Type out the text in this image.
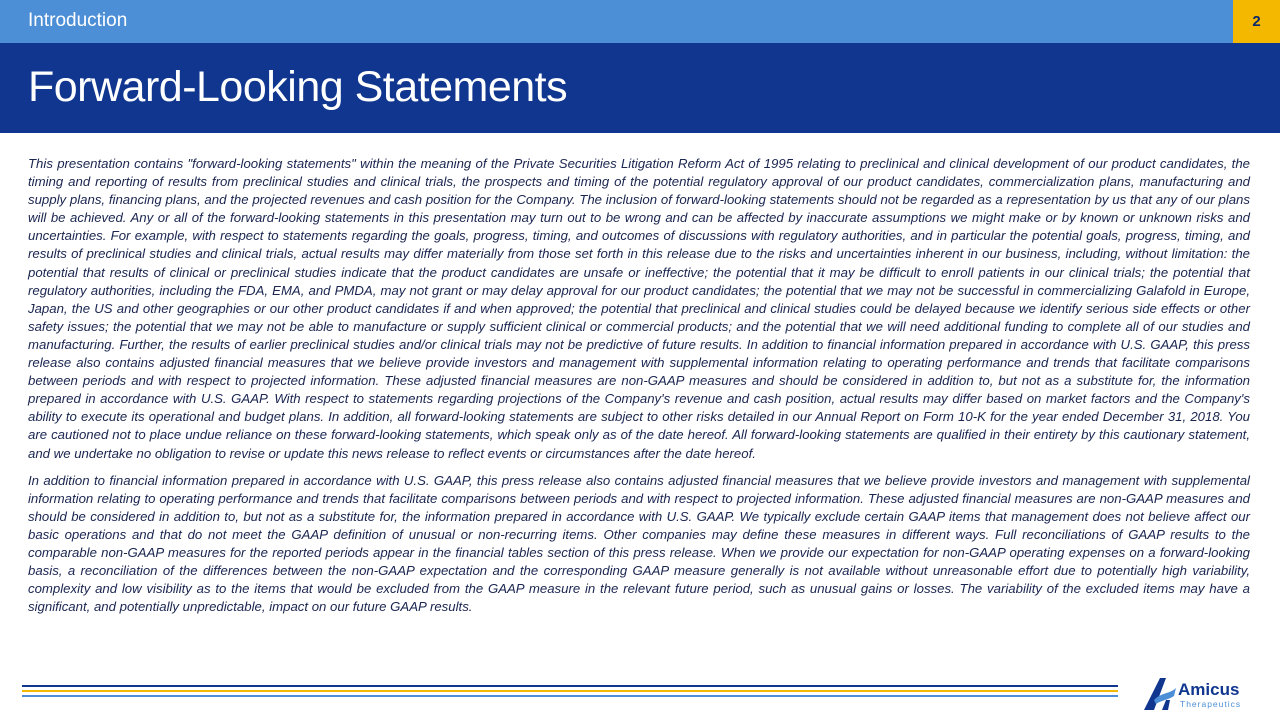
Introduction	2
Forward-Looking Statements

This presentation contains "forward-looking statements" within the meaning of the Private Securities Litigation Reform Act of 1995 relating to preclinical and clinical development of our product candidates, the timing and reporting of results from preclinical studies and clinical trials, the prospects and timing of the potential regulatory approval of our product candidates, commercialization plans, manufacturing and supply plans, financing plans, and the projected revenues and cash position for the Company. The inclusion of forward-looking statements should not be regarded as a representation by us that any of our plans will be achieved. Any or all of the forward-looking statements in this presentation may turn out to be wrong and can be affected by inaccurate assumptions we might make or by known or unknown risks and uncertainties. For example, with respect to statements regarding the goals, progress, timing, and outcomes of discussions with regulatory authorities, and in particular the potential goals, progress, timing, and results of preclinical studies and clinical trials, actual results may differ materially from those set forth in this release due to the risks and uncertainties inherent in our business, including, without limitation: the potential that results of clinical or preclinical studies indicate that the product candidates are unsafe or ineffective; the potential that it may be difficult to enroll patients in our clinical trials; the potential that regulatory authorities, including the FDA, EMA, and PMDA, may not grant or may delay approval for our product candidates; the potential that we may not be successful in commercializing Galafold in Europe, Japan, the US and other geographies or our other product candidates if and when approved; the potential that preclinical and clinical studies could be delayed because we identify serious side effects or other safety issues; the potential that we may not be able to manufacture or supply sufficient clinical or commercial products; and the potential that we will need additional funding to complete all of our studies and manufacturing. Further, the results of earlier preclinical studies and/or clinical trials may not be predictive of future results. In addition to financial information prepared in accordance with U.S. GAAP, this press release also contains adjusted financial measures that we believe provide investors and management with supplemental information relating to operating performance and trends that facilitate comparisons between periods and with respect to projected information. These adjusted financial measures are non-GAAP measures and should be considered in addition to, but not as a substitute for, the information prepared in accordance with U.S. GAAP. With respect to statements regarding projections of the Company's revenue and cash position, actual results may differ based on market factors and the Company's ability to execute its operational and budget plans. In addition, all forward-looking statements are subject to other risks detailed in our Annual Report on Form 10-K for the year ended December 31, 2018. You are cautioned not to place undue reliance on these forward-looking statements, which speak only as of the date hereof. All forward-looking statements are qualified in their entirety by this cautionary statement, and we undertake no obligation to revise or update this news release to reflect events or circumstances after the date hereof.

In addition to financial information prepared in accordance with U.S. GAAP, this press release also contains adjusted financial measures that we believe provide investors and management with supplemental information relating to operating performance and trends that facilitate comparisons between periods and with respect to projected information. These adjusted financial measures are non-GAAP measures and should be considered in addition to, but not as a substitute for, the information prepared in accordance with U.S. GAAP. We typically exclude certain GAAP items that management does not believe affect our basic operations and that do not meet the GAAP definition of unusual or non-recurring items. Other companies may define these measures in different ways. Full reconciliations of GAAP results to the comparable non-GAAP measures for the reported periods appear in the financial tables section of this press release. When we provide our expectation for non-GAAP operating expenses on a forward-looking basis, a reconciliation of the differences between the non-GAAP expectation and the corresponding GAAP measure generally is not available without unreasonable effort due to potentially high variability, complexity and low visibility as to the items that would be excluded from the GAAP measure in the relevant future period, such as unusual gains or losses. The variability of the excluded items may have a significant, and potentially unpredictable, impact on our future GAAP results.

Amicus
Therapeutics
